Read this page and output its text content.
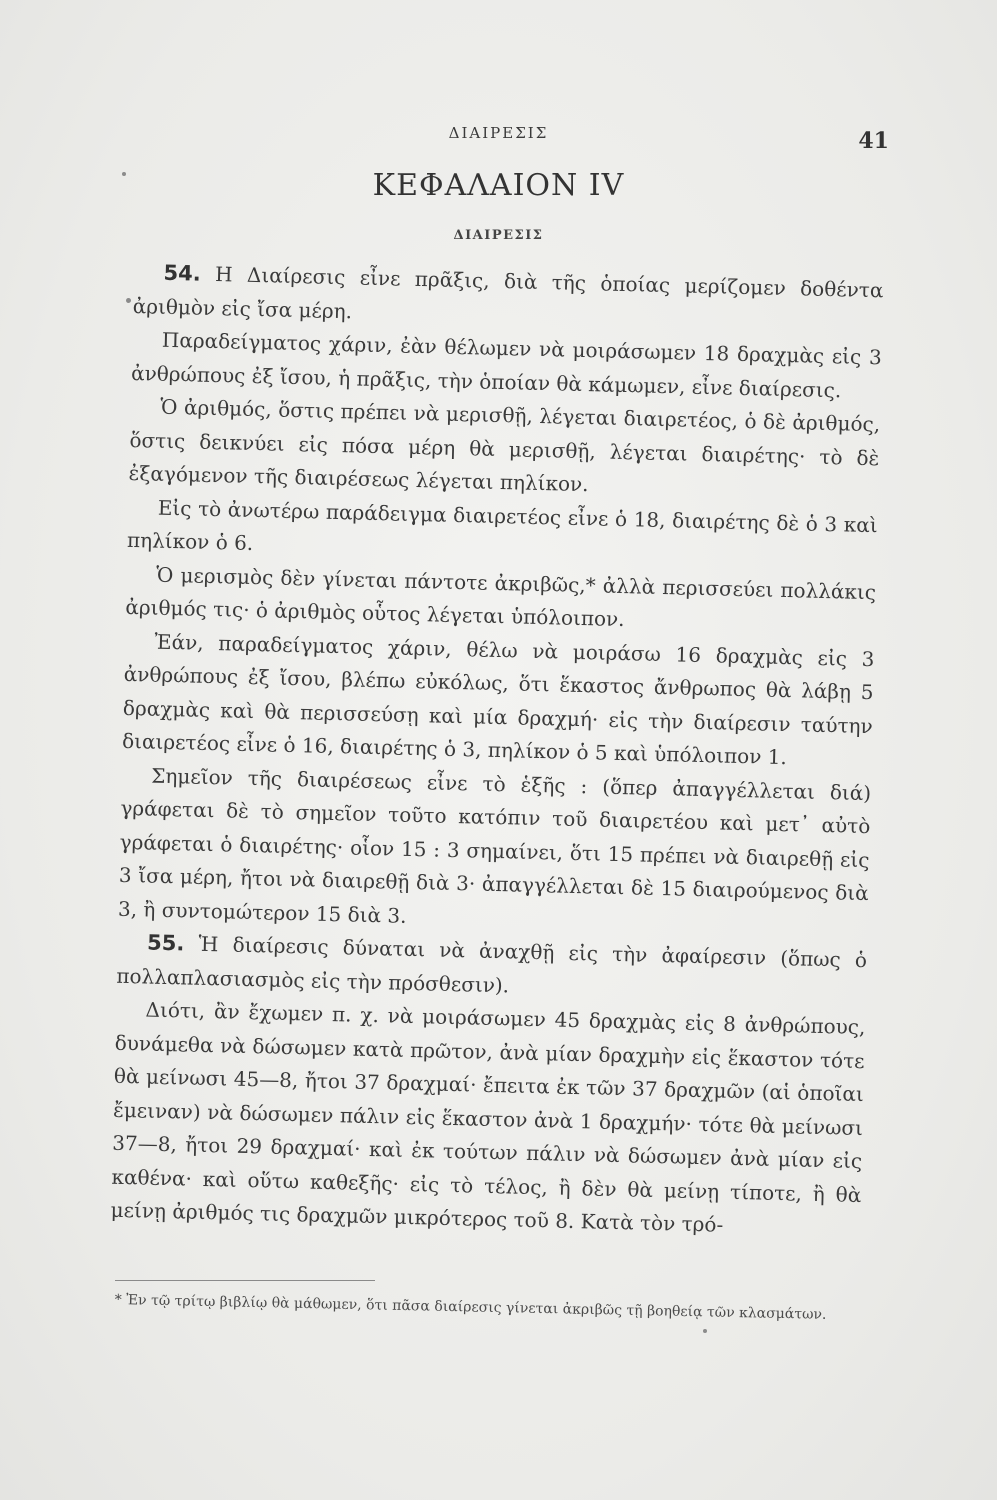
ΔΙΑΙΡΕΣΙΣ	41
ΚΕΦΑΛΑΙΟΝ IV
ΔΙΑΙΡΕΣΙΣ

54. Η Διαίρεσις εἶνε πρᾶξις, διὰ τῆς ὁποίας μερίζομεν δοθέντα ἀριθμὸν εἰς ἴσα μέρη.

Παραδείγματος χάριν, ἐὰν θέλωμεν νὰ μοιράσωμεν 18 δραχμὰς εἰς 3 ἀνθρώπους ἐξ ἴσου, ἡ πρᾶξις, τὴν ὁποίαν θὰ κάμωμεν, εἶνε διαίρεσις.

Ὁ ἀριθμός, ὅστις πρέπει νὰ μερισθῇ, λέγεται διαιρετέος, ὁ δὲ ἀριθμός, ὅστις δεικνύει εἰς πόσα μέρη θὰ μερισθῇ, λέγεται διαιρέτης· τὸ δὲ ἐξαγόμενον τῆς διαιρέσεως λέγεται πηλίκον.

Εἰς τὸ ἀνωτέρω παράδειγμα διαιρετέος εἶνε ὁ 18, διαιρέτης δὲ ὁ 3 καὶ πηλίκον ὁ 6.

Ὁ μερισμὸς δὲν γίνεται πάντοτε ἀκριβῶς,* ἀλλὰ περισσεύει πολλάκις ἀριθμός τις· ὁ ἀριθμὸς οὗτος λέγεται ὑπόλοιπον.

Ἐάν, παραδείγματος χάριν, θέλω νὰ μοιράσω 16 δραχμὰς εἰς 3 ἀνθρώπους ἐξ ἴσου, βλέπω εὐκόλως, ὅτι ἕκαστος ἄνθρωπος θὰ λάβῃ 5 δραχμὰς καὶ θὰ περισσεύσῃ καὶ μία δραχμή· εἰς τὴν διαίρεσιν ταύτην διαιρετέος εἶνε ὁ 16, διαιρέτης ὁ 3, πηλίκον ὁ 5 καὶ ὑπόλοιπον 1.

Σημεῖον τῆς διαιρέσεως εἶνε τὸ ἑξῆς : (ὅπερ ἀπαγγέλλεται διά) γράφεται δὲ τὸ σημεῖον τοῦτο κατόπιν τοῦ διαιρετέου καὶ μετ᾽ αὐτὸ γράφεται ὁ διαιρέτης· οἷον 15 : 3 σημαίνει, ὅτι 15 πρέπει νὰ διαιρεθῇ εἰς 3 ἴσα μέρη, ἤτοι νὰ διαιρεθῇ διὰ 3· ἀπαγγέλλεται δὲ 15 διαιρούμενος διὰ 3, ἢ συντομώτερον 15 διὰ 3.

55. Ἡ διαίρεσις δύναται νὰ ἀναχθῇ εἰς τὴν ἀφαίρεσιν (ὅπως ὁ πολλαπλασιασμὸς εἰς τὴν πρόσθεσιν).

Διότι, ἂν ἔχωμεν π. χ. νὰ μοιράσωμεν 45 δραχμὰς εἰς 8 ἀνθρώπους, δυνάμεθα νὰ δώσωμεν κατὰ πρῶτον, ἀνὰ μίαν δραχμὴν εἰς ἕκαστον τότε θὰ μείνωσι 45—8, ἤτοι 37 δραχμαί· ἔπειτα ἐκ τῶν 37 δραχμῶν (αἱ ὁποῖαι ἔμειναν) νὰ δώσωμεν πάλιν εἰς ἕκαστον ἀνὰ 1 δραχμήν· τότε θὰ μείνωσι 37—8, ἤτοι 29 δραχμαί· καὶ ἐκ τούτων πάλιν νὰ δώσωμεν ἀνὰ μίαν εἰς καθένα· καὶ οὕτω καθεξῆς· εἰς τὸ τέλος, ἢ δὲν θὰ μείνῃ τίποτε, ἢ θὰ μείνῃ ἀριθμός τις δραχμῶν μικρότερος τοῦ 8. Κατὰ τὸν τρό-

* Ἐν τῷ τρίτῳ βιβλίῳ θὰ μάθωμεν, ὅτι πᾶσα διαίρεσις γίνεται ἀκριβῶς τῇ βοηθείᾳ τῶν κλασμάτων.
